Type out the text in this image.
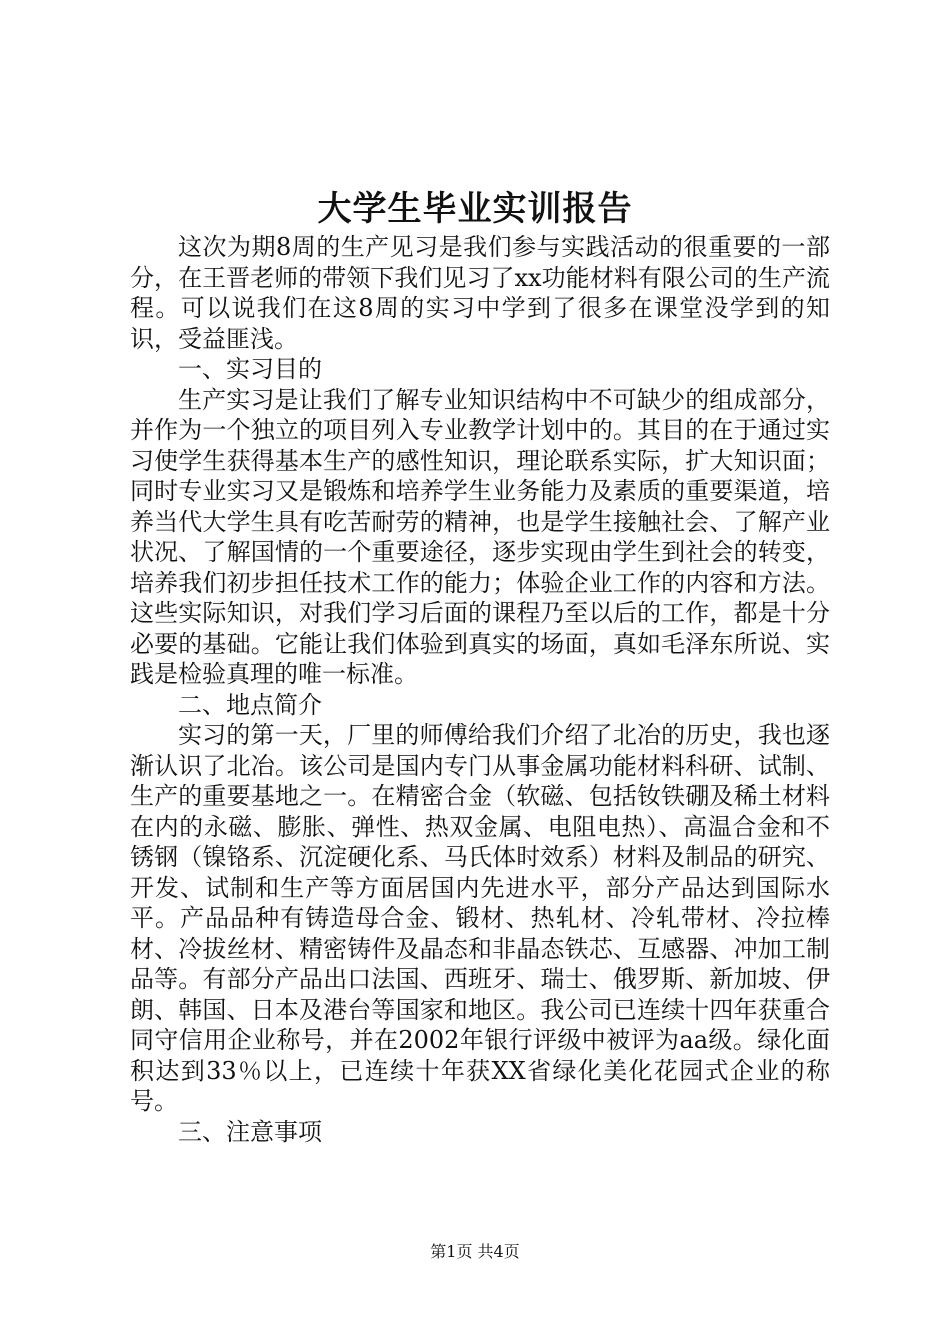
大学生毕业实训报告

这次为期8周的生产见习是我们参与实践活动的很重要的一部分，在王晋老师的带领下我们见习了xx功能材料有限公司的生产流程。可以说我们在这8周的实习中学到了很多在课堂没学到的知识，受益匪浅。

一、实习目的

生产实习是让我们了解专业知识结构中不可缺少的组成部分，并作为一个独立的项目列入专业教学计划中的。其目的在于通过实习使学生获得基本生产的感性知识，理论联系实际，扩大知识面；同时专业实习又是锻炼和培养学生业务能力及素质的重要渠道，培养当代大学生具有吃苦耐劳的精神，也是学生接触社会、了解产业状况、了解国情的一个重要途径，逐步实现由学生到社会的转变，培养我们初步担任技术工作的能力；体验企业工作的内容和方法。这些实际知识，对我们学习后面的课程乃至以后的工作，都是十分必要的基础。它能让我们体验到真实的场面，真如毛泽东所说、实践是检验真理的唯一标准。

二、地点简介

实习的第一天，厂里的师傅给我们介绍了北冶的历史，我也逐渐认识了北冶。该公司是国内专门从事金属功能材料科研、试制、生产的重要基地之一。在精密合金（软磁、包括钕铁硼及稀土材料在内的永磁、膨胀、弹性、热双金属、电阻电热）、高温合金和不锈钢（镍铬系、沉淀硬化系、马氏体时效系）材料及制品的研究、开发、试制和生产等方面居国内先进水平，部分产品达到国际水平。产品品种有铸造母合金、锻材、热轧材、冷轧带材、冷拉棒材、冷拔丝材、精密铸件及晶态和非晶态铁芯、互感器、冲加工制品等。有部分产品出口法国、西班牙、瑞士、俄罗斯、新加坡、伊朗、韩国、日本及港台等国家和地区。我公司已连续十四年获重合同守信用企业称号，并在2002年银行评级中被评为aa级。绿化面积达到33％以上，已连续十年获XX省绿化美化花园式企业的称号。

三、注意事项

第1页 共4页
